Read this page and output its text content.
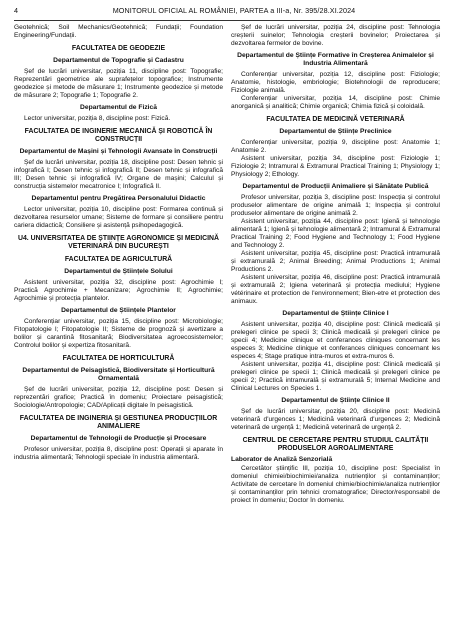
4	MONITORUL OFICIAL AL ROMÂNIEI, PARTEA a III-a, Nr. 395/28.XI.2024

Geotehnică; Soil Mechanics/Geotehnică; Fundații; Foundation Engineering/Fundații.

FACULTATEA DE GEODEZIE
Departamentul de Topografie și Cadastru

Șef de lucrări universitar, poziția 11, discipline post: Topografie; Reprezentări geometrice ale suprafețelor topografice; Instrumente geodezice și metode de măsurare 1; Instrumente geodezice și metode de măsurare 2; Topografie 1; Topografie 2.

Departamentul de Fizică

Lector universitar, poziția 8, discipline post: Fizică.

FACULTATEA DE INGINERIE MECANICĂ ȘI ROBOTICĂ ÎN CONSTRUCȚII
Departamentul de Mașini și Tehnologii Avansate în Construcții

Șef de lucrări universitar, poziția 18, discipline post: Desen tehnic și infografică I; Desen tehnic și infografică II; Desen tehnic și infografică III; Desen tehnic și infografică IV; Organe de mașini; Calculul și construcția sistemelor mecatronice I; Infografică II.

Departamentul pentru Pregătirea Personalului Didactic

Lector universitar, poziția 10, discipline post: Formarea continuă și dezvoltarea resurselor umane; Sisteme de formare și consiliere pentru cariera didactică; Consiliere și asistență psihopedagogică.

U4. UNIVERSITATEA DE ȘTIINȚE AGRONOMICE ȘI MEDICINĂ VETERINARĂ DIN BUCUREȘTI
FACULTATEA DE AGRICULTURĂ
Departamentul de Științele Solului

Asistent universitar, poziția 32, discipline post: Agrochimie I; Practică Agrochimie + Mecanizare; Agrochimie II; Agrochimie; Agrochimie și protecția plantelor.

Departamentul de Științele Plantelor

Conferențiar universitar, poziția 15, discipline post: Microbiologie; Fitopatologie I; Fitopatologie II; Sisteme de prognoză și avertizare a bolilor și carantină fitosanitară; Biodiversitatea agroecosistemelor; Controlul bolilor și expertiza fitosanitară.

FACULTATEA DE HORTICULTURĂ
Departamentul de Peisagistică, Biodiversitate și Horticultură Ornamentală

Șef de lucrări universitar, poziția 12, discipline post: Desen și reprezentări grafice; Practică în domeniu; Proiectare peisagistică; Sociologie/Antropologie; CAD/Aplicații digitale în peisagistică.

FACULTATEA DE INGINERIA ȘI GESTIUNEA PRODUCȚIILOR ANIMALIERE
Departamentul de Tehnologii de Producție și Procesare

Profesor universitar, poziția 8, discipline post: Operații și aparate în industria alimentară; Tehnologii speciale în industria alimentară.

Șef de lucrări universitar, poziția 24, discipline post: Tehnologia creșterii suinelor; Tehnologia creșterii bovinelor; Proiectarea și dezvoltarea fermelor de bovine.

Departamentul de Științe Formative în Creșterea Animalelor și Industria Alimentară

Conferențiar universitar, poziția 12, discipline post: Fiziologie; Anatomie, histologie, embriologie; Biotehnologii de reproducere; Fiziologie animală.

Conferențiar universitar, poziția 14, discipline post: Chimie anorganică și analitică; Chimie organică; Chimia fizică și coloidală.

FACULTATEA DE MEDICINĂ VETERINARĂ
Departamentul de Științe Preclinice

Conferențiar universitar, poziția 9, discipline post: Anatomie 1; Anatomie 2.

Asistent universitar, poziția 34, discipline post: Fiziologie 1; Fiziologie 2; Intramural & Extramural Practical Training 1; Physiology 1; Physiology 2; Ethology.

Departamentul de Producții Animaliere și Sănătate Publică

Profesor universitar, poziția 3, discipline post: Inspecția și controlul produselor alimentare de origine animală 1; Inspecția și controlul produselor alimentare de origine animală 2.

Asistent universitar, poziția 44, discipline post: Igienă și tehnologie alimentară 1; Igienă și tehnologie alimentară 2; Intramural & Extramural Practical Training 2; Food Hygiene and Technology 1; Food Hygiene and Technology 2.

Asistent universitar, poziția 45, discipline post: Practică intramurală și extramurală 2; Animal Breeding; Animal Productions 1; Animal Productions 2.

Asistent universitar, poziția 46, discipline post: Practică intramurală și extramurală 2; Igiena veterinară și protecția mediului; Hygiene vétérinaire et protection de l'environnement; Bien-etre et protection des animaux.

Departamentul de Științe Clinice I

Asistent universitar, poziția 40, discipline post: Clinică medicală și prelegeri clinice pe specii 3; Clinică medicală și prelegeri clinice pe specii 4; Medicine clinique et conferances cliniques concernant les especes 3; Medicine clinique et conferances cliniques concernant les especes 4; Stage pratique intra-muros et extra-muros 6.

Asistent universitar, poziția 41, discipline post: Clinică medicală și prelegeri clinice pe specii 1; Clinică medicală și prelegeri clinice pe specii 2; Practică intramurală și extramurală 5; Internal Medicine and Clinical Lectures on Species 1.

Departamentul de Științe Clinice II

Șef de lucrări universitar, poziția 20, discipline post: Medicină veterinară d'urgences 1; Medicină veterinară d'urgences 2; Medicină veterinară de urgență 1; Medicină veterinară de urgență 2.

CENTRUL DE CERCETARE PENTRU STUDIUL CALITĂȚII PRODUSELOR AGROALIMENTARE
Laborator de Analiză Senzorială

Cercetător științific III, poziția 10, discipline post: Specialist în domeniul chimiei/biochimiei/analiza nutrienților și contaminanților; Activitate de cercetare în domeniul chimie/biochimie/analiza nutrienților și contaminanților prin tehnici cromatografice; Director/responsabil de proiect în domeniu; Doctor în domeniu.
